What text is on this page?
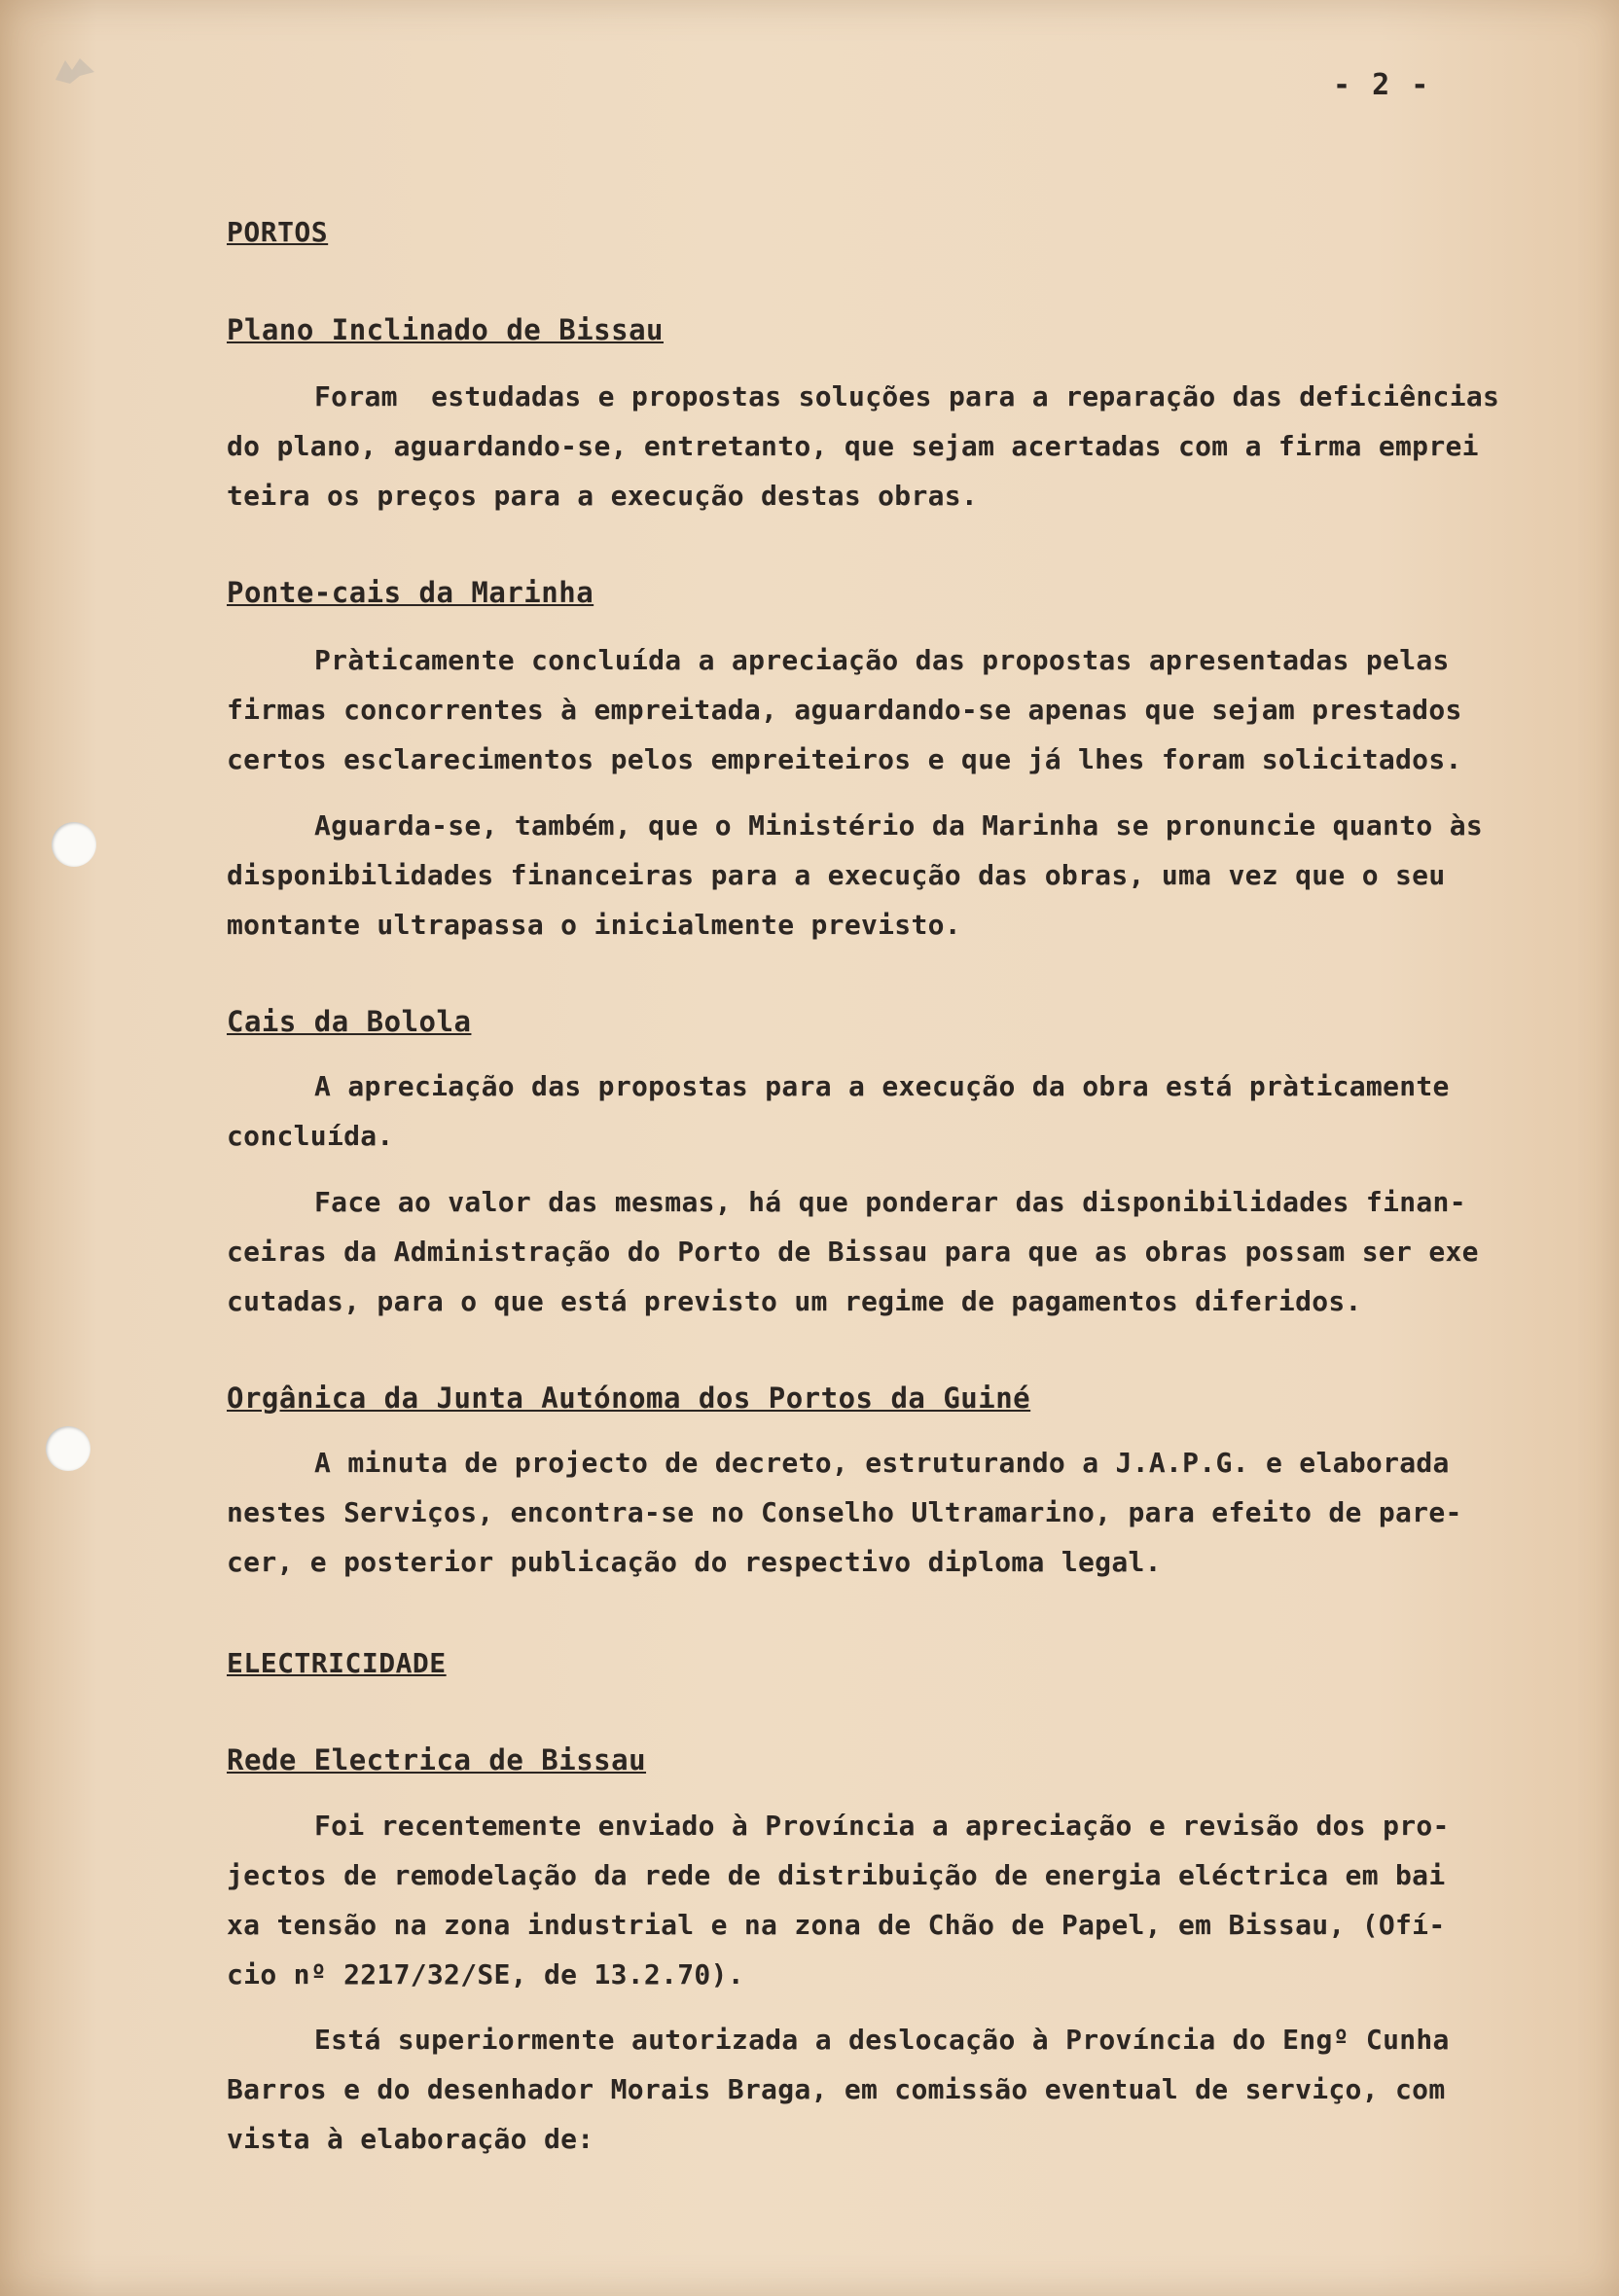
- 2 -
PORTOS
Plano Inclinado de Bissau

Foram  estudadas e propostas soluções para a reparação das deficiências
do plano, aguardando-se, entretanto, que sejam acertadas com a firma emprei
teira os preços para a execução destas obras.

Ponte-cais da Marinha

Pràticamente concluída a apreciação das propostas apresentadas pelas
firmas concorrentes à empreitada, aguardando-se apenas que sejam prestados
certos esclarecimentos pelos empreiteiros e que já lhes foram solicitados.

Aguarda-se, também, que o Ministério da Marinha se pronuncie quanto às
disponibilidades financeiras para a execução das obras, uma vez que o seu
montante ultrapassa o inicialmente previsto.

Cais da Bolola

A apreciação das propostas para a execução da obra está pràticamente
concluída.

Face ao valor das mesmas, há que ponderar das disponibilidades finan-
ceiras da Administração do Porto de Bissau para que as obras possam ser exe
cutadas, para o que está previsto um regime de pagamentos diferidos.

Orgânica da Junta Autónoma dos Portos da Guiné

A minuta de projecto de decreto, estruturando a J.A.P.G. e elaborada
nestes Serviços, encontra-se no Conselho Ultramarino, para efeito de pare-
cer, e posterior publicação do respectivo diploma legal.

ELECTRICIDADE
Rede Electrica de Bissau

Foi recentemente enviado à Província a apreciação e revisão dos pro-
jectos de remodelação da rede de distribuição de energia eléctrica em bai
xa tensão na zona industrial e na zona de Chão de Papel, em Bissau, (Ofí-
cio nº 2217/32/SE, de 13.2.70).

Está superiormente autorizada a deslocação à Província do Engº Cunha
Barros e do desenhador Morais Braga, em comissão eventual de serviço, com
vista à elaboração de:
